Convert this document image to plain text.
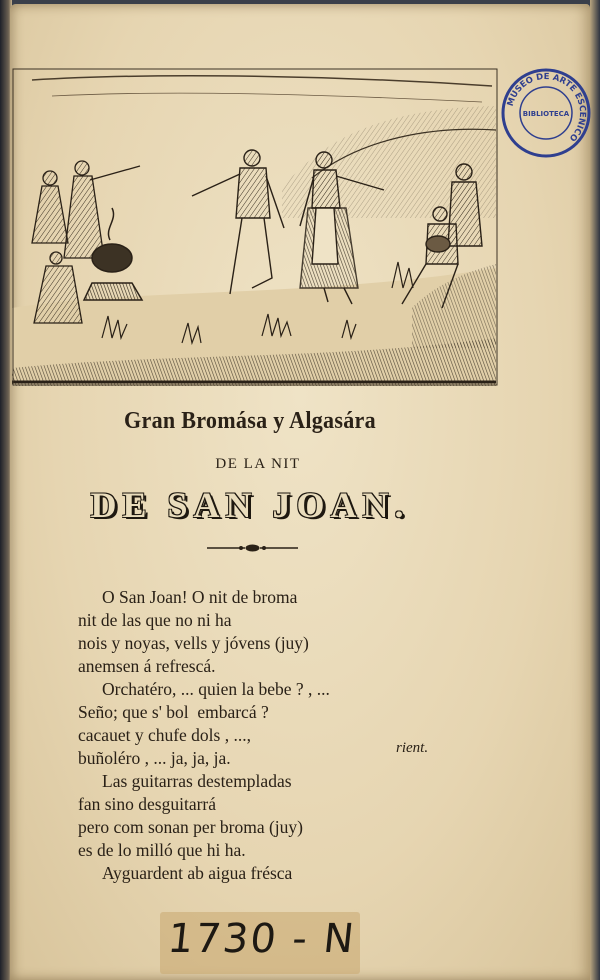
MUSEO DE ARTE ESCENICO
BIBLIOTECA
Gran Bromása y Algasára
DE LA NIT
DE SAN JOAN.
O San Joan! O nit de broma
nit de las que no ni ha
nois y noyas, vells y jóvens (juy)
anemsen á refrescá.
Orchatéro, ... quien la bebe ? , ...
Seño; que s' bol  embarcá ?
cacauet y chufe dols , ...,
buñoléro , ... ja, ja, ja.
Las guitarras destempladas
fan sino desguitarrá
pero com sonan per broma (juy)
es de lo milló que hi ha.
Ayguardent ab aigua frésca
rient.
1730 - N
